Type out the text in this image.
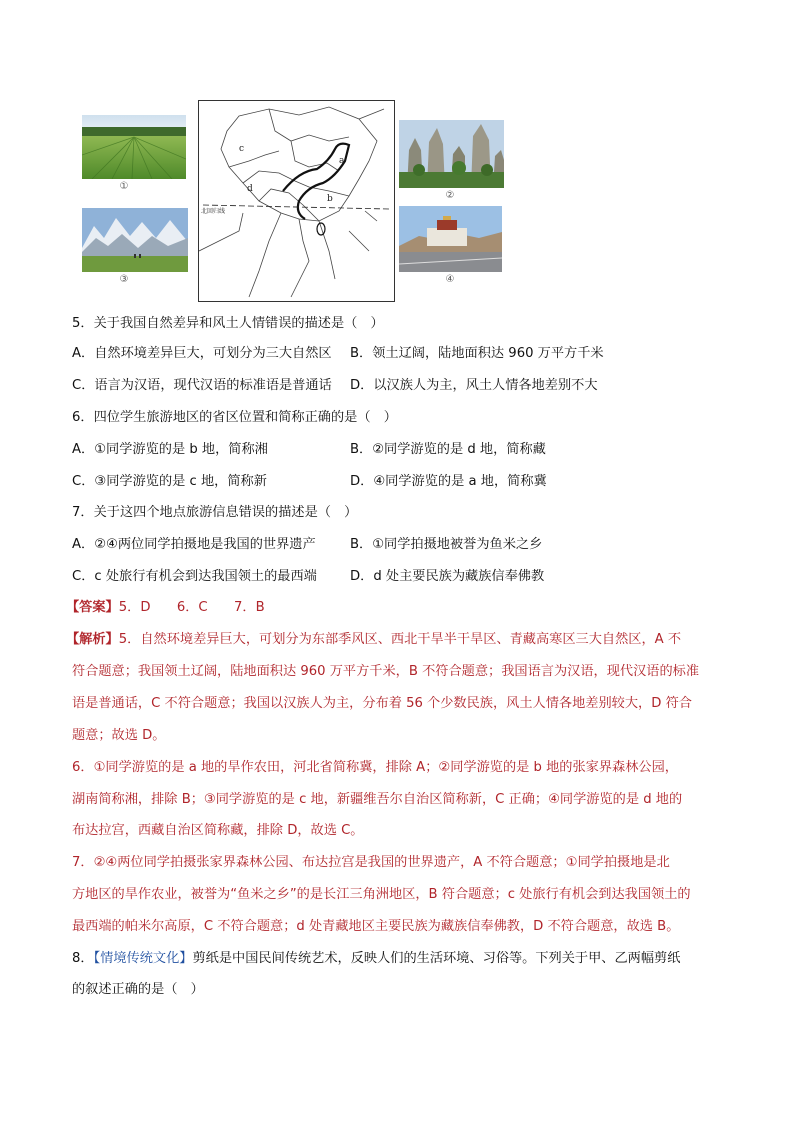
①
③
c
a
d
b
北回归线
②
④
5．关于我国自然差异和风土人情错误的描述是（　）
A．自然环境差异巨大，可划分为三大自然区	B．领土辽阔，陆地面积达 960 万平方千米
C．语言为汉语，现代汉语的标准语是普通话	D．以汉族人为主，风土人情各地差别不大
6．四位学生旅游地区的省区位置和简称正确的是（　）
A．①同学游览的是 b 地，简称湘	B．②同学游览的是 d 地，简称藏
C．③同学游览的是 c 地，简称新	D．④同学游览的是 a 地，简称冀
7．关于这四个地点旅游信息错误的描述是（　）
A．②④两位同学拍摄地是我国的世界遗产	B．①同学拍摄地被誉为鱼米之乡
C．c 处旅行有机会到达我国领土的最西端	D．d 处主要民族为藏族信奉佛教
【答案】5．D　　6．C　　7．B
【解析】5．自然环境差异巨大，可划分为东部季风区、西北干旱半干旱区、青藏高寒区三大自然区，A 不
符合题意；我国领土辽阔，陆地面积达 960 万平方千米，B 不符合题意；我国语言为汉语，现代汉语的标准
语是普通话，C 不符合题意；我国以汉族人为主，分布着 56 个少数民族，风土人情各地差别较大，D 符合
题意；故选 D。
6．①同学游览的是 a 地的旱作农田，河北省简称冀，排除 A；②同学游览的是 b 地的张家界森林公园，
湖南简称湘，排除 B；③同学游览的是 c 地，新疆维吾尔自治区简称新，C 正确；④同学游览的是 d 地的
布达拉宫，西藏自治区简称藏，排除 D，故选 C。
7．②④两位同学拍摄张家界森林公园、布达拉宫是我国的世界遗产，A 不符合题意；①同学拍摄地是北
方地区的旱作农业，被誉为“鱼米之乡”的是长江三角洲地区，B 符合题意；c 处旅行有机会到达我国领土的
最西端的帕米尔高原，C 不符合题意；d 处青藏地区主要民族为藏族信奉佛教，D 不符合题意，故选 B。
8．【情境传统文化】剪纸是中国民间传统艺术，反映人们的生活环境、习俗等。下列关于甲、乙两幅剪纸
的叙述正确的是（　）
